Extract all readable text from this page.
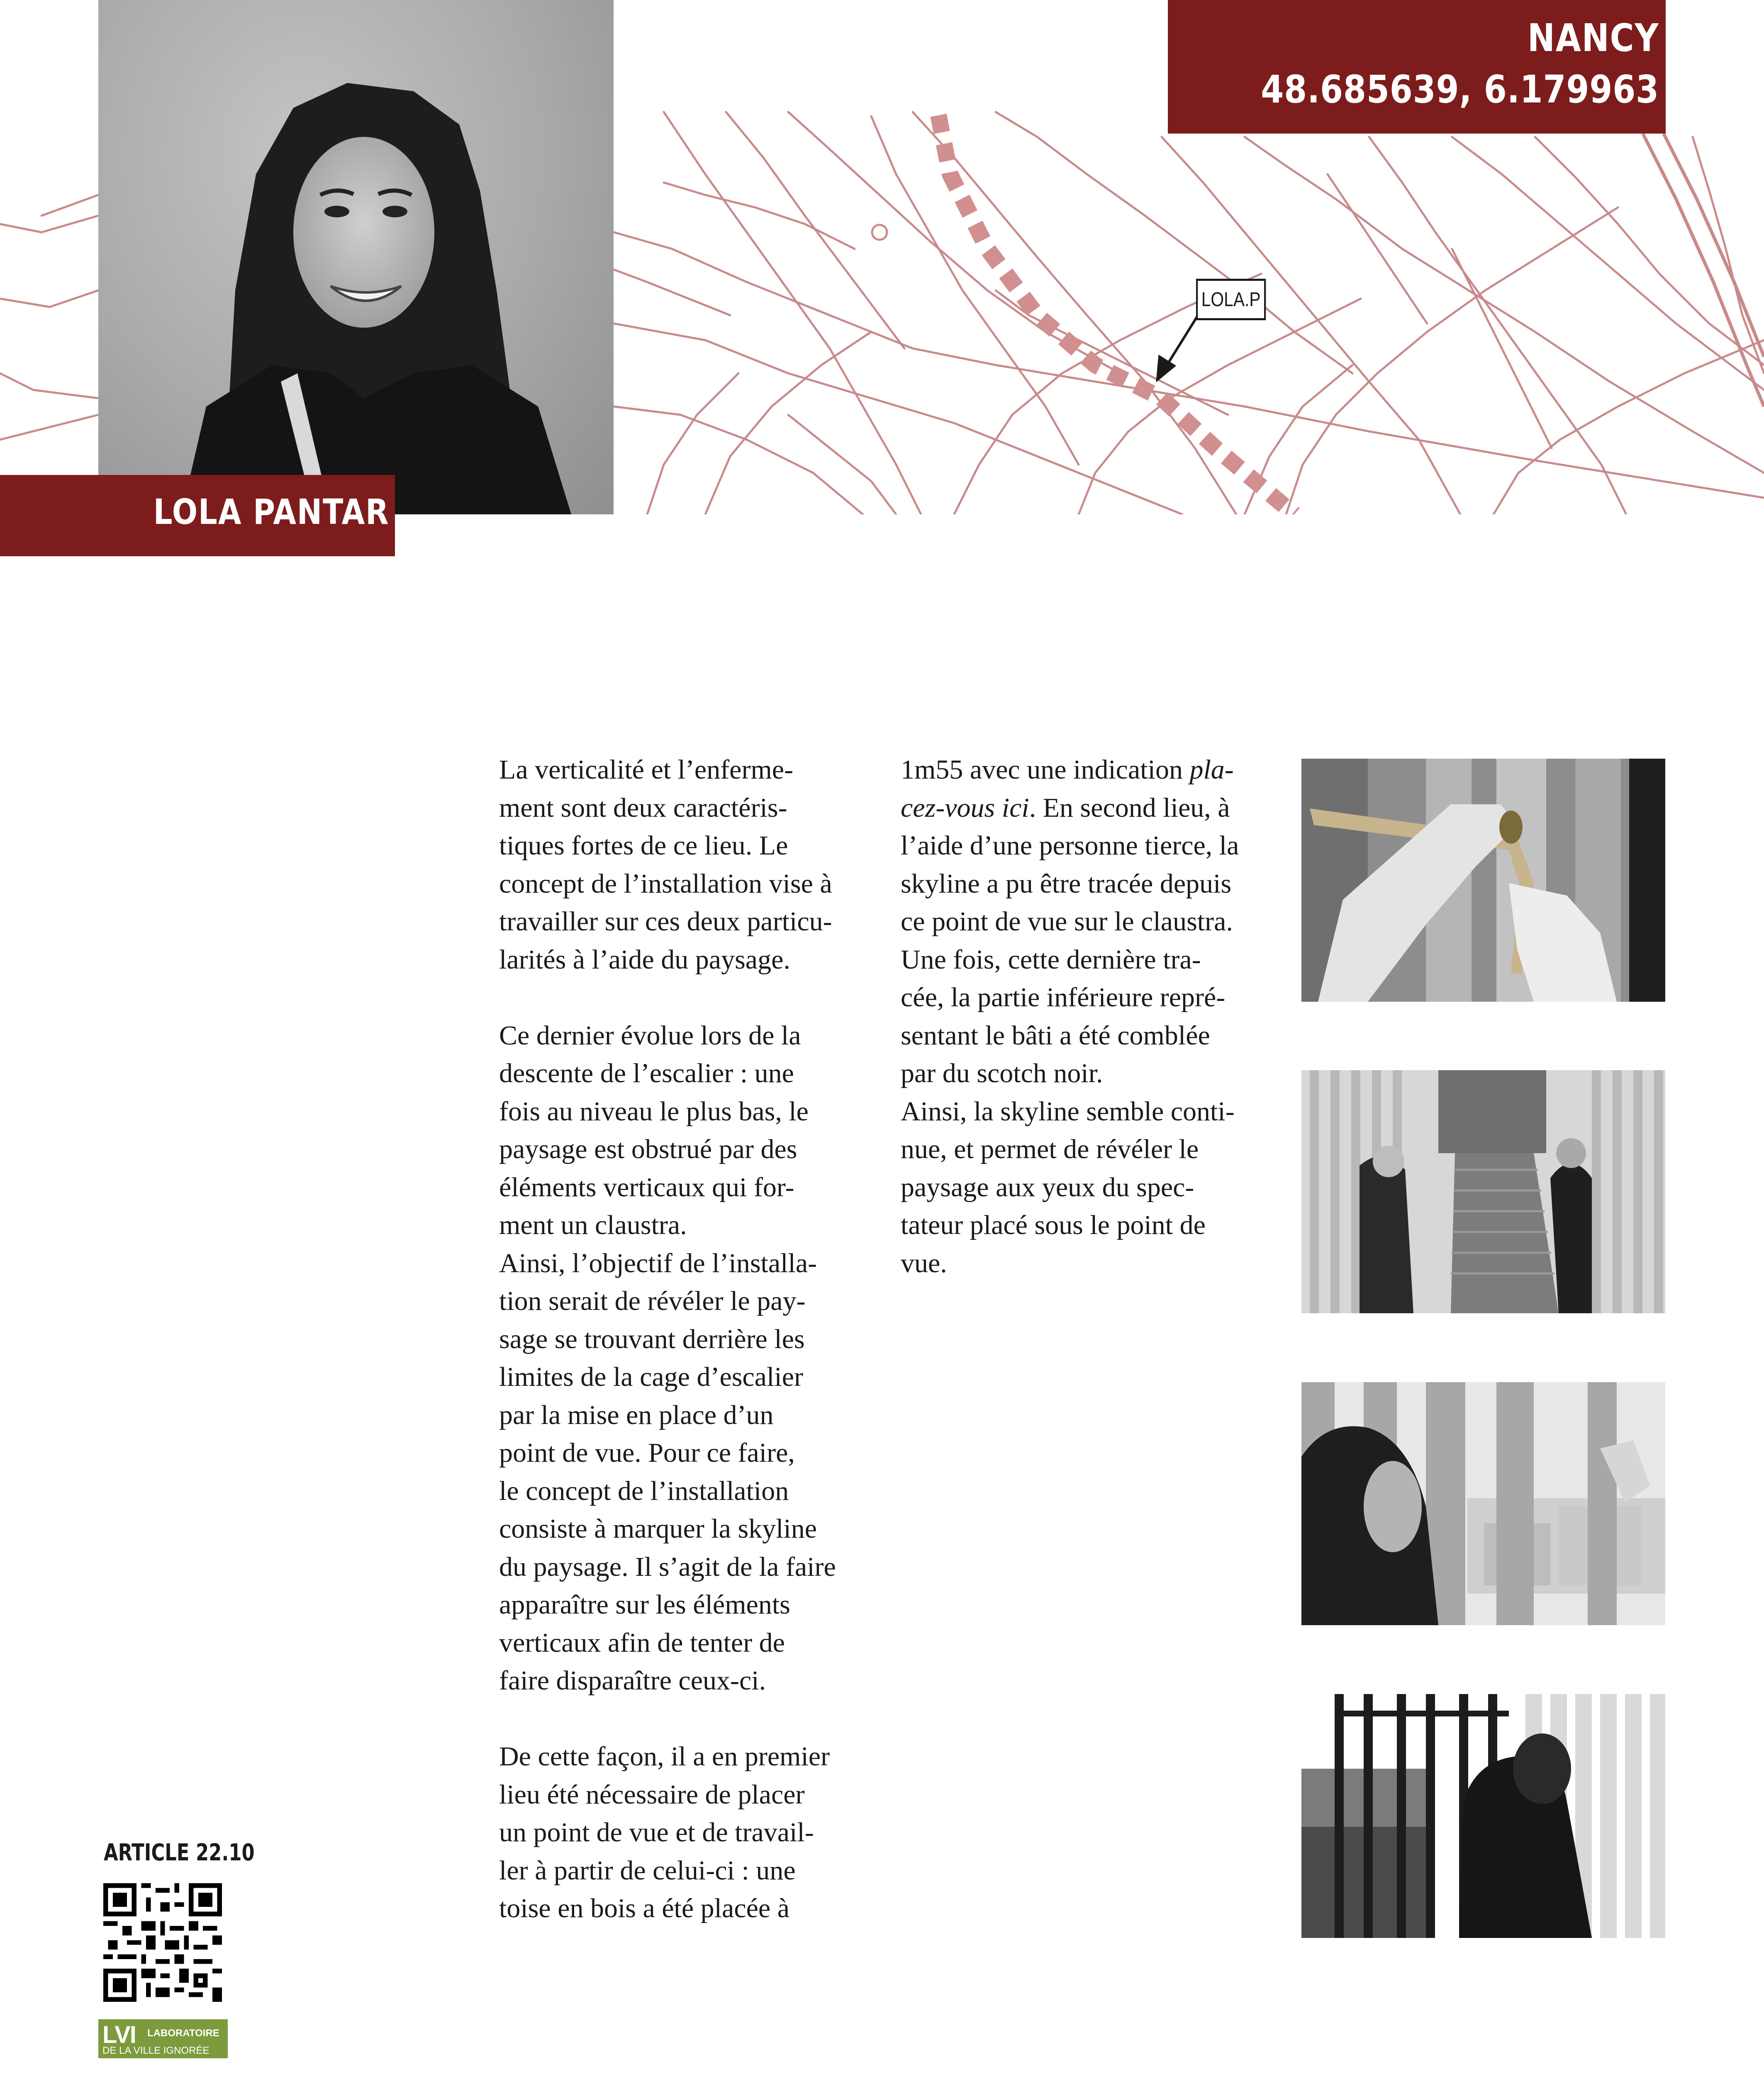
LOLA.P
LOLA PANTAR
NANCY
48.685639, 6.179963

La verticalité et l’enferme-
ment sont deux caractéris-
tiques fortes de ce lieu. Le
concept de l’installation vise à
travailler sur ces deux particu-
larités à l’aide du paysage.
Ce dernier évolue lors de la
descente de l’escalier : une
fois au niveau le plus bas, le
paysage est obstrué par des
éléments verticaux qui for-
ment un claustra.
Ainsi, l’objectif de l’installa-
tion serait de révéler le pay-
sage se trouvant derrière les
limites de la cage d’escalier
par la mise en place d’un
point de vue. Pour ce faire,
le concept de l’installation
consiste à marquer la skyline
du paysage. Il s’agit de la faire
apparaître sur les éléments
verticaux afin de tenter de
faire disparaître ceux-ci.
De cette façon, il a en premier
lieu été nécessaire de placer
un point de vue et de travail-
ler à partir de celui-ci : une
toise en bois a été placée à

1m55 avec une indication pla-
cez-vous ici. En second lieu, à
l’aide d’une personne tierce, la
skyline a pu être tracée depuis
ce point de vue sur le claustra.
Une fois, cette dernière tra-
cée, la partie inférieure repré-
sentant le bâti a été comblée
par du scotch noir.
Ainsi, la skyline semble conti-
nue, et permet de révéler le
paysage aux yeux du spec-
tateur placé sous le point de
vue.

ARTICLE 22.10
LVI LABORATOIRE
DE LA VILLE IGNORÉE
